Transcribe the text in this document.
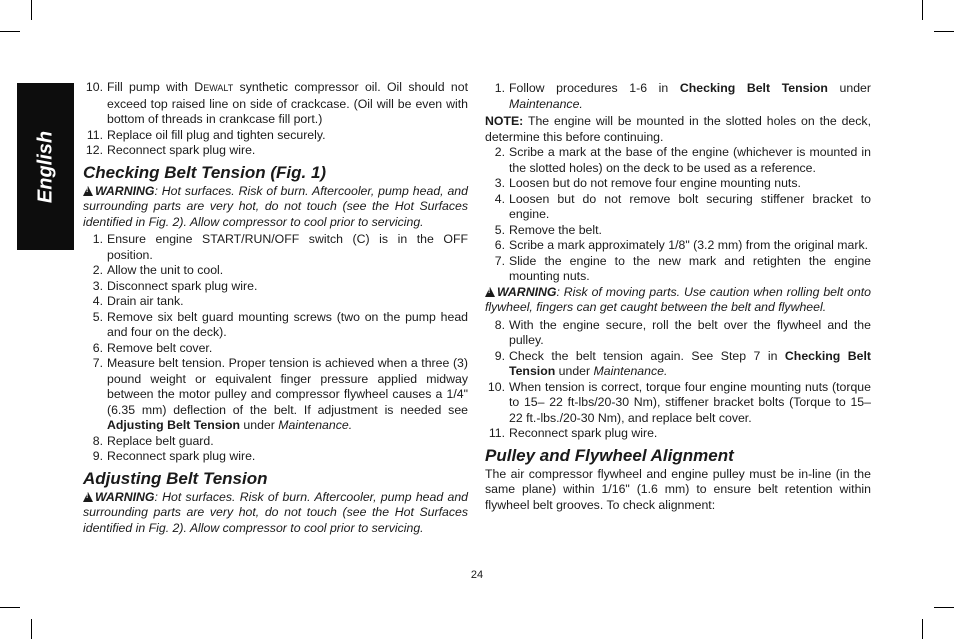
English
10. Fill pump with DEWALT synthetic compressor oil. Oil should not exceed top raised line on side of crackcase. (Oil will be even with bottom of threads in crankcase fill port.)
11. Replace oil fill plug and tighten securely.
12. Reconnect spark plug wire.
Checking Belt Tension (Fig. 1)
!WARNING: Hot surfaces. Risk of burn. Aftercooler, pump head, and surrounding parts are very hot, do not touch (see the Hot Surfaces identified in Fig. 2). Allow compressor to cool prior to servicing.
1. Ensure engine START/RUN/OFF switch (C) is in the OFF position.
2. Allow the unit to cool.
3. Disconnect spark plug wire.
4. Drain air tank.
5. Remove six belt guard mounting screws (two on the pump head and four on the deck).
6. Remove belt cover.
7. Measure belt tension. Proper tension is achieved when a three (3) pound weight or equivalent finger pressure applied midway between the motor pulley and compressor flywheel causes a 1/4" (6.35 mm) deflection of the belt. If adjustment is needed see Adjusting Belt Tension under Maintenance.
8. Replace belt guard.
9. Reconnect spark plug wire.
Adjusting Belt Tension
!WARNING: Hot surfaces. Risk of burn. Aftercooler, pump head and surrounding parts are very hot, do not touch (see the Hot Surfaces identified in Fig. 2). Allow compressor to cool prior to servicing.
1. Follow procedures 1-6 in Checking Belt Tension under Maintenance.
NOTE: The engine will be mounted in the slotted holes on the deck, determine this before continuing.
2. Scribe a mark at the base of the engine (whichever is mounted in the slotted holes) on the deck to be used as a reference.
3. Loosen but do not remove four engine mounting nuts.
4. Loosen but do not remove bolt securing stiffener bracket to engine.
5. Remove the belt.
6. Scribe a mark approximately 1/8" (3.2 mm) from the original mark.
7. Slide the engine to the new mark and retighten the engine mounting nuts.
!WARNING: Risk of moving parts. Use caution when rolling belt onto flywheel, fingers can get caught between the belt and flywheel.
8. With the engine secure, roll the belt over the flywheel and the pulley.
9. Check the belt tension again. See Step 7 in Checking Belt Tension under Maintenance.
10. When tension is correct, torque four engine mounting nuts (torque to 15– 22 ft-lbs/20-30 Nm), stiffener bracket bolts (Torque to 15–22 ft.-lbs./20-30 Nm), and replace belt cover.
11. Reconnect spark plug wire.
Pulley and Flywheel Alignment
The air compressor flywheel and engine pulley must be in-line (in the same plane) within 1/16" (1.6 mm) to ensure belt retention within flywheel belt grooves. To check alignment:
24
